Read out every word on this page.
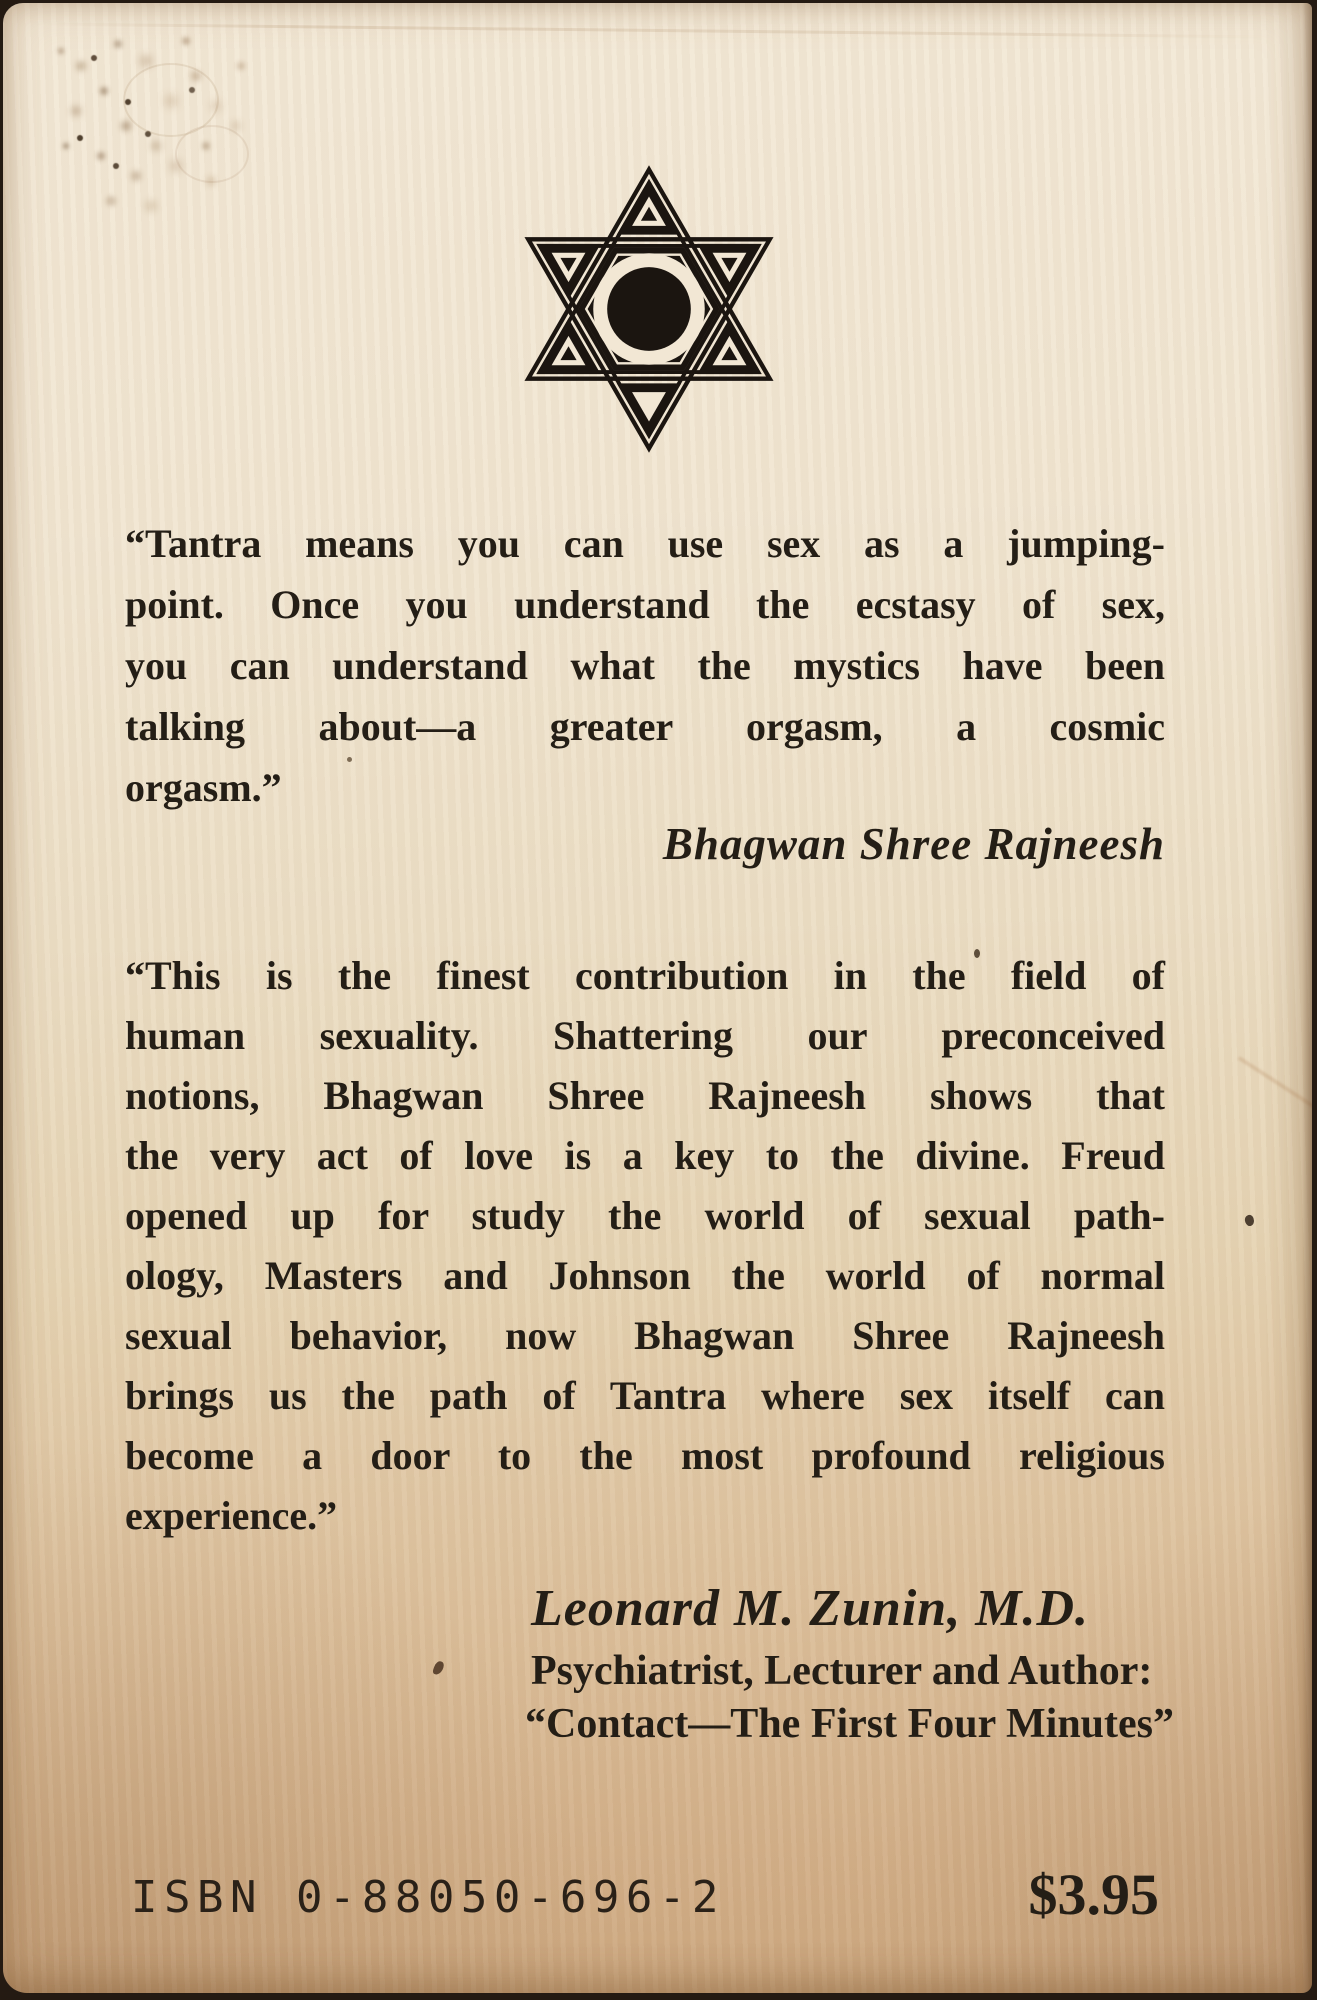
“Tantra means you can use sex as a jumping-
point. Once you understand the ecstasy of sex,
you can understand what the mystics have been
talking about—a greater orgasm, a cosmic
orgasm.”
Bhagwan Shree Rajneesh
“This is the finest contribution in the field of
human sexuality. Shattering our preconceived
notions, Bhagwan Shree Rajneesh shows that
the very act of love is a key to the divine. Freud
opened up for study the world of sexual path-
ology, Masters and Johnson the world of normal
sexual behavior, now Bhagwan Shree Rajneesh
brings us the path of Tantra where sex itself can
become a door to the most profound religious
experience.”
Leonard M. Zunin, M.D.
Psychiatrist, Lecturer and Author:
“Contact—The First Four Minutes”
ISBN 0-88050-696-2	$3.95
